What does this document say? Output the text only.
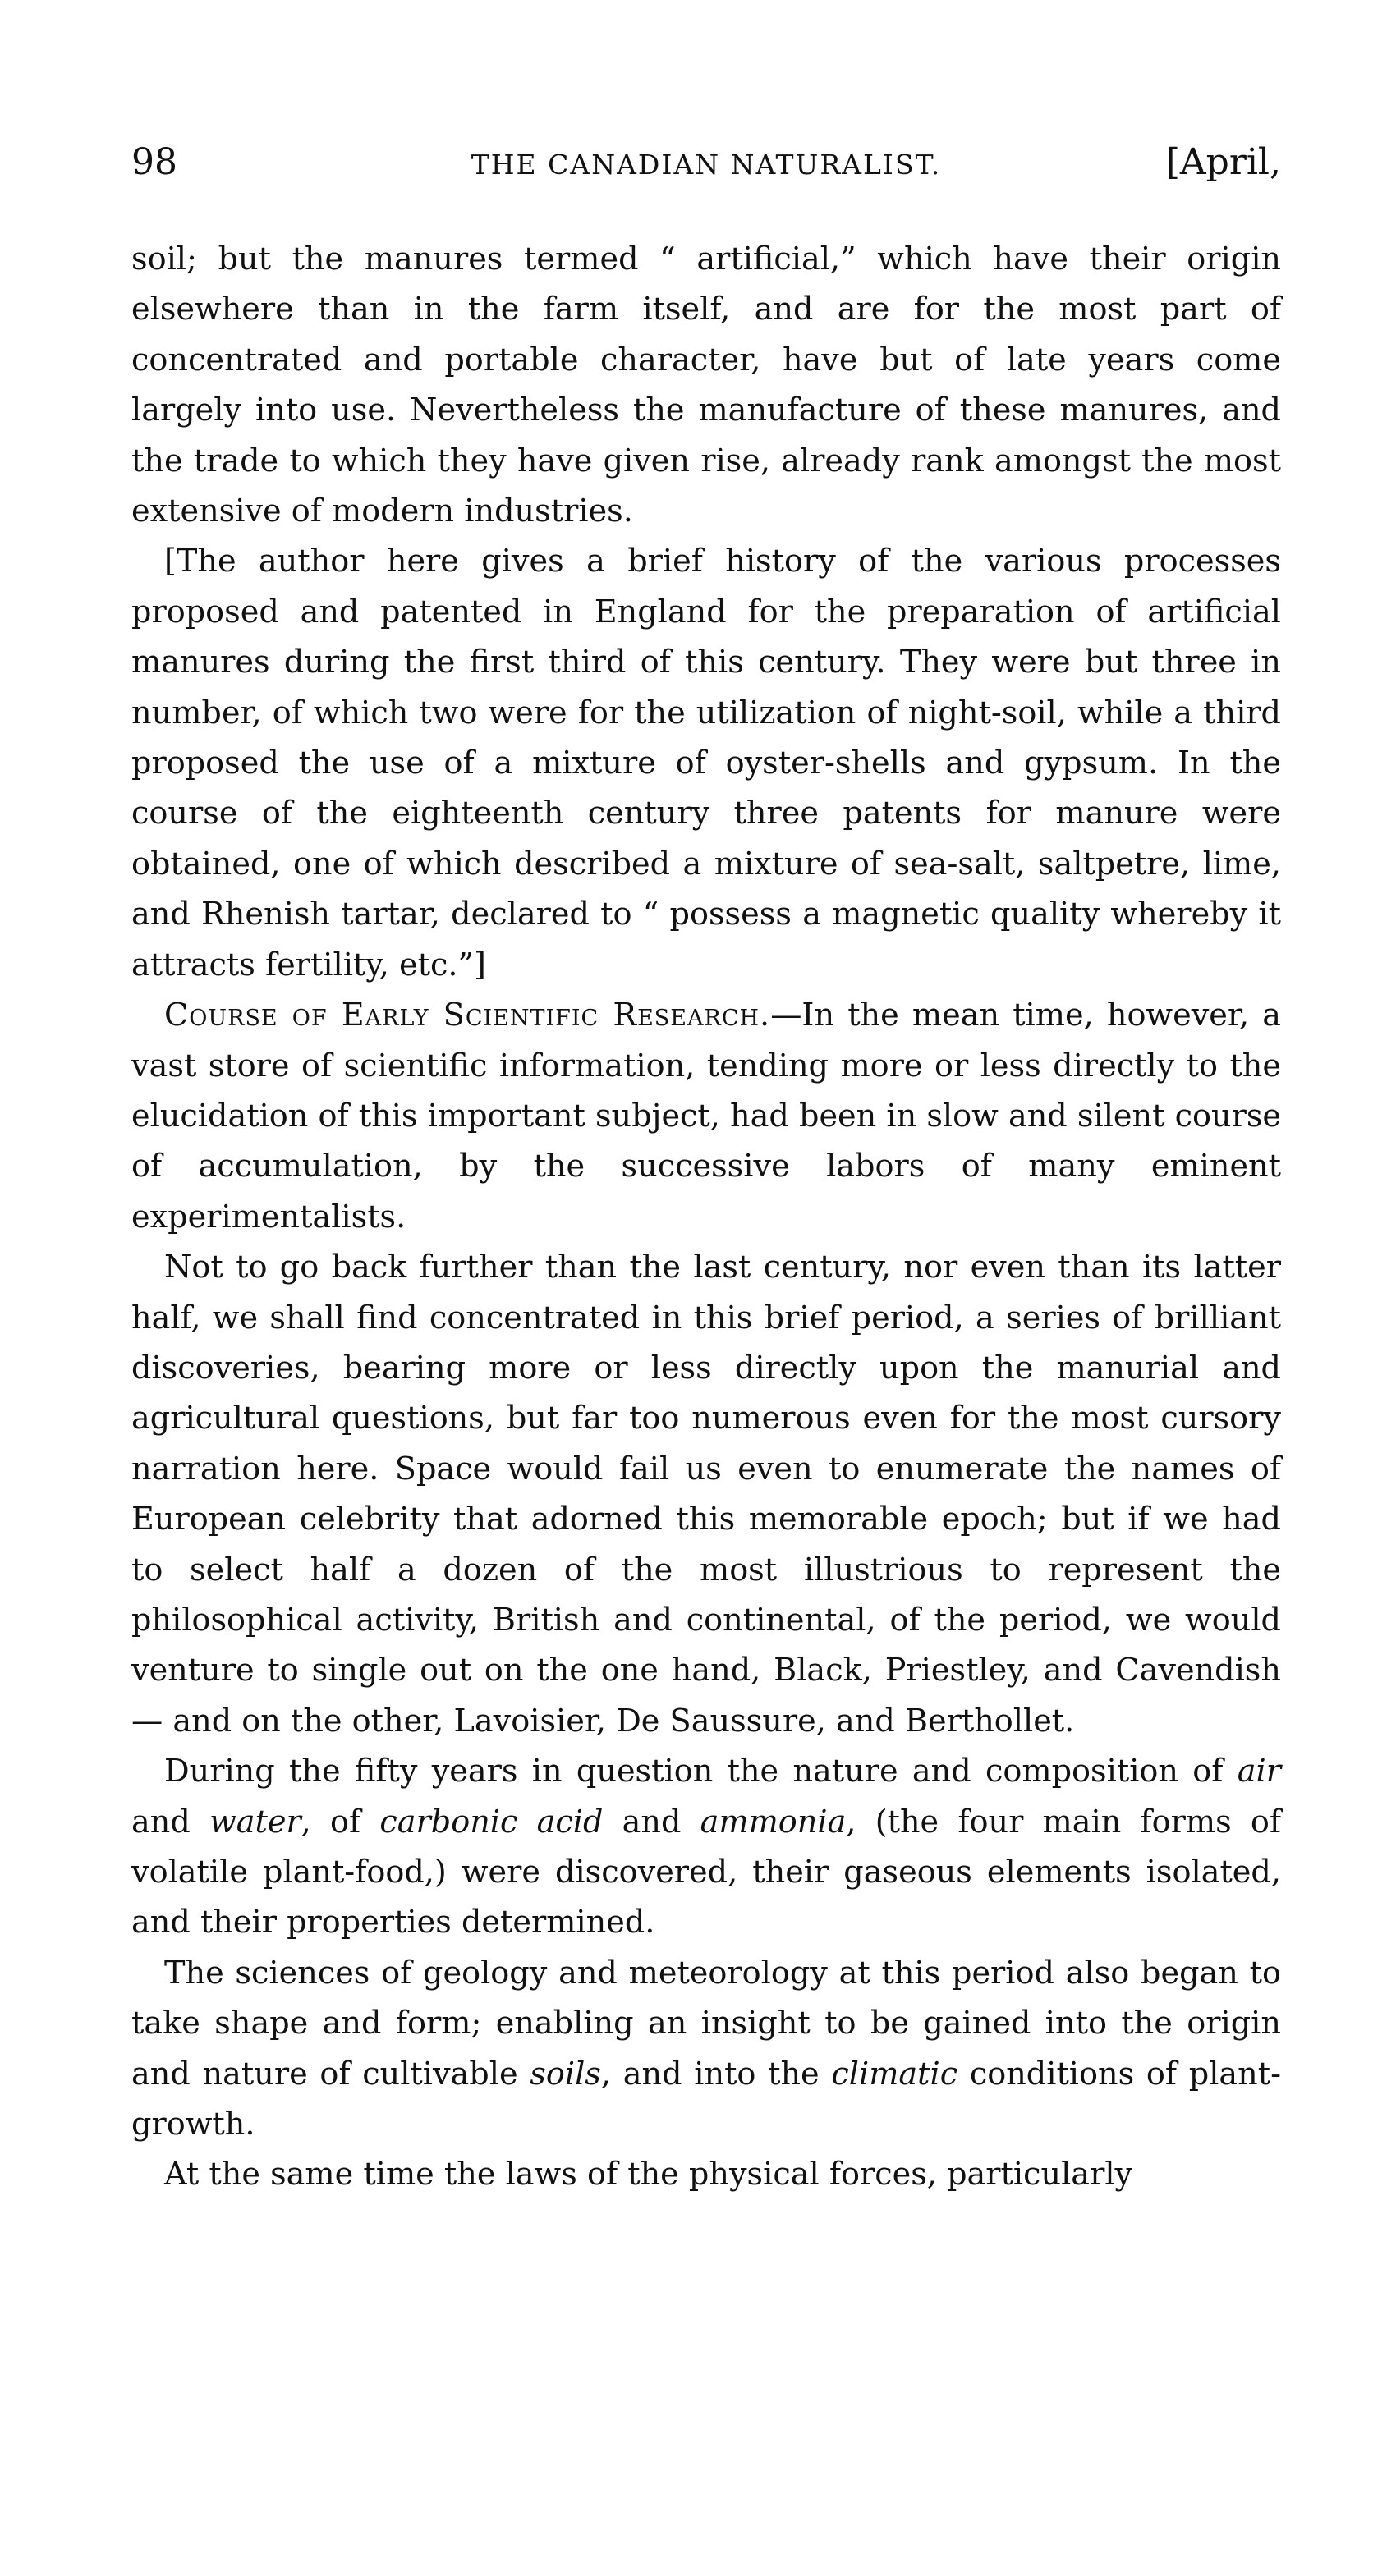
98	THE CANADIAN NATURALIST.	[April,

soil; but the manures termed “ artificial,” which have their origin elsewhere than in the farm itself, and are for the most part of concentrated and portable character, have but of late years come largely into use. Nevertheless the manufacture of these manures, and the trade to which they have given rise, already rank amongst the most extensive of modern industries.

[The author here gives a brief history of the various processes proposed and patented in England for the preparation of artificial manures during the first third of this century. They were but three in number, of which two were for the utilization of night-soil, while a third proposed the use of a mixture of oyster-shells and gypsum. In the course of the eighteenth century three patents for manure were obtained, one of which described a mixture of sea-salt, saltpetre, lime, and Rhenish tartar, declared to “ possess a magnetic quality whereby it attracts fertility, etc.”]

Course of Early Scientific Research.—In the mean time, however, a vast store of scientific information, tending more or less directly to the elucidation of this important subject, had been in slow and silent course of accumulation, by the successive labors of many eminent experimentalists.

Not to go back further than the last century, nor even than its latter half, we shall find concentrated in this brief period, a series of brilliant discoveries, bearing more or less directly upon the manurial and agricultural questions, but far too numerous even for the most cursory narration here. Space would fail us even to enumerate the names of European celebrity that adorned this memorable epoch; but if we had to select half a dozen of the most illustrious to represent the philosophical activity, British and continental, of the period, we would venture to single out on the one hand, Black, Priestley, and Cavendish — and on the other, Lavoisier, De Saussure, and Berthollet.

During the fifty years in question the nature and composition of air and water, of carbonic acid and ammonia, (the four main forms of volatile plant-food,) were discovered, their gaseous elements isolated, and their properties determined.

The sciences of geology and meteorology at this period also began to take shape and form; enabling an insight to be gained into the origin and nature of cultivable soils, and into the climatic conditions of plant-growth.

At the same time the laws of the physical forces, particularly
